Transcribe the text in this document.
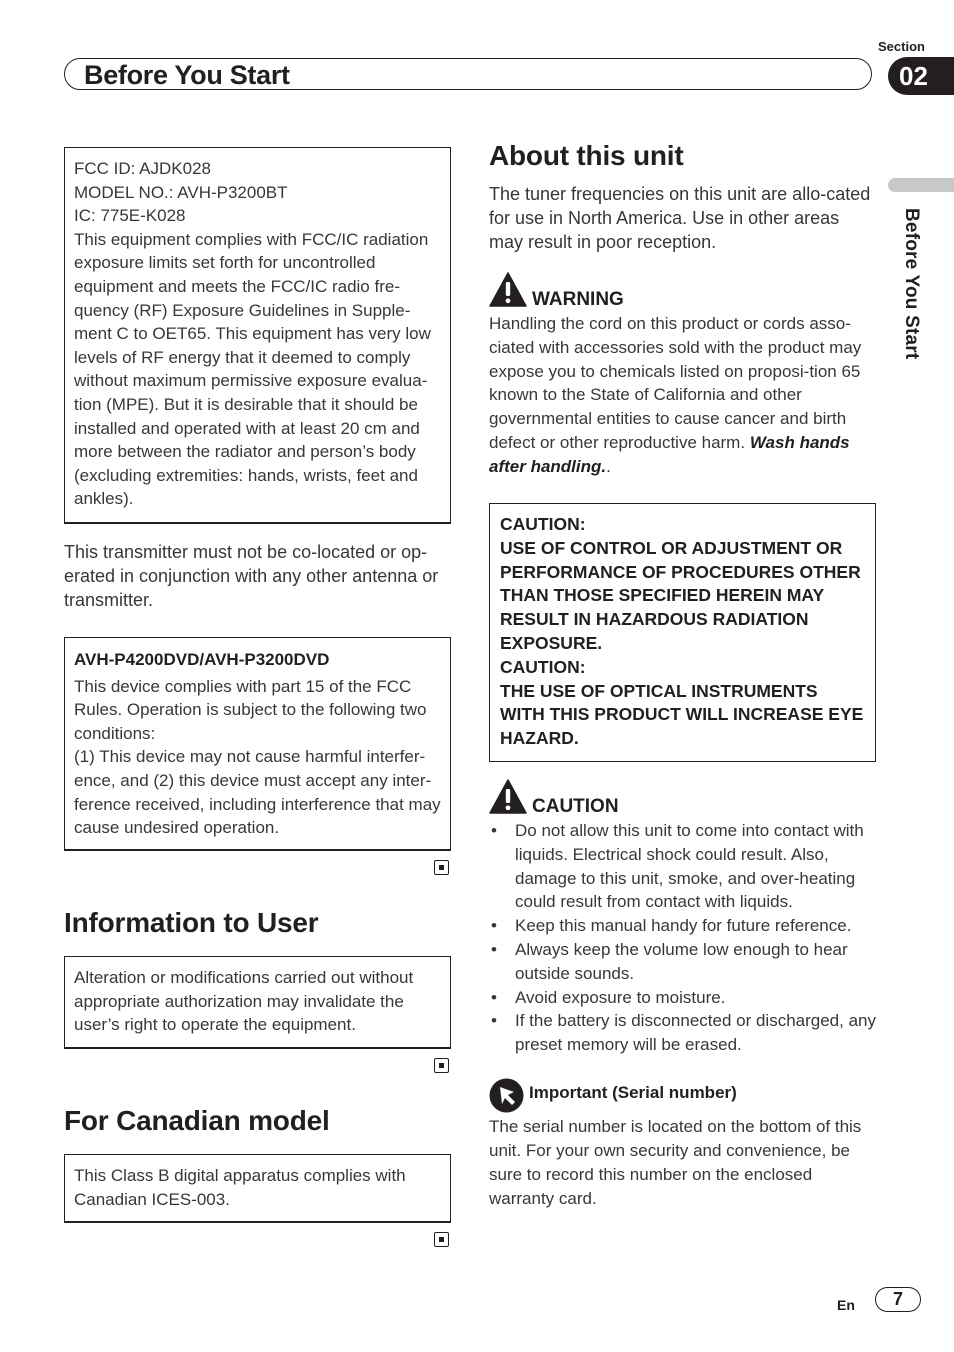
Before You Start
Section
02
Before You Start

FCC ID: AJDK028

MODEL NO.: AVH-P3200BT

IC: 775E-K028

This equipment complies with FCC/IC radiation exposure limits set forth for uncontrolled equipment and meets the FCC/IC radio fre-quency (RF) Exposure Guidelines in Supple-ment C to OET65. This equipment has very low levels of RF energy that it deemed to comply without maximum permissive exposure evalua-tion (MPE). But it is desirable that it should be installed and operated with at least 20 cm and more between the radiator and person’s body (excluding extremities: hands, wrists, feet and ankles).

This transmitter must not be co-located or op-erated in conjunction with any other antenna or transmitter.

AVH-P4200DVD/AVH-P3200DVD

This device complies with part 15 of the FCC Rules. Operation is subject to the following two conditions:

(1) This device may not cause harmful interfer-ence, and (2) this device must accept any inter-ference received, including interference that may cause undesired operation.

Information to User

Alteration or modifications carried out without appropriate authorization may invalidate the user’s right to operate the equipment.

For Canadian model

This Class B digital apparatus complies with Canadian ICES-003.

About this unit

The tuner frequencies on this unit are allo-cated for use in North America. Use in other areas may result in poor reception.

WARNING

Handling the cord on this product or cords asso-ciated with accessories sold with the product may expose you to chemicals listed on proposi-tion 65 known to the State of California and other governmental entities to cause cancer and birth defect or other reproductive harm. Wash hands after handling..

CAUTION:

USE OF CONTROL OR ADJUSTMENT OR PERFORMANCE OF PROCEDURES OTHER THAN THOSE SPECIFIED HEREIN MAY RESULT IN HAZARDOUS RADIATION EXPOSURE.

CAUTION:

THE USE OF OPTICAL INSTRUMENTS WITH THIS PRODUCT WILL INCREASE EYE HAZARD.

CAUTION
• Do not allow this unit to come into contact with liquids. Electrical shock could result. Also, damage to this unit, smoke, and over-heating could result from contact with liquids.
• Keep this manual handy for future reference.
• Always keep the volume low enough to hear outside sounds.
• Avoid exposure to moisture.
• If the battery is disconnected or discharged, any preset memory will be erased.
Important (Serial number)

The serial number is located on the bottom of this unit. For your own security and convenience, be sure to record this number on the enclosed warranty card.

En	7
